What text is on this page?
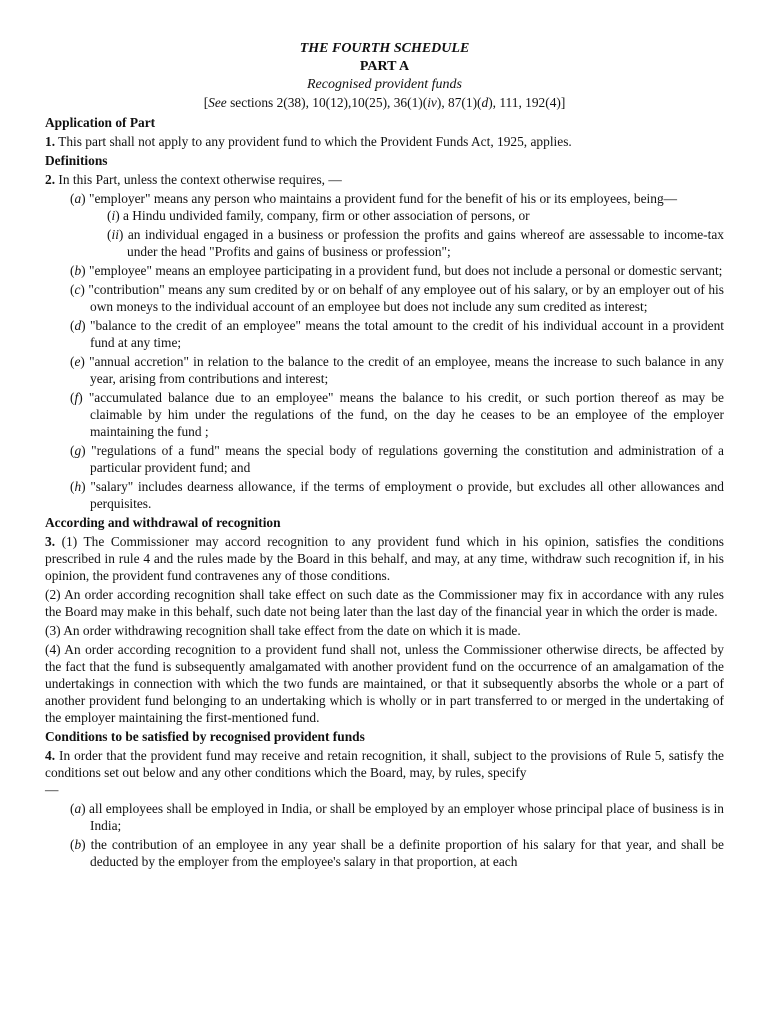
THE FOURTH SCHEDULE

PART A

Recognised provident funds

[See sections 2(38), 10(12),10(25), 36(1)(iv), 87(1)(d), 111, 192(4)]

Application of Part

1. This part shall not apply to any provident fund to which the Provident Funds Act, 1925, applies.

Definitions

2. In this Part, unless the context otherwise requires, —

(a) "employer" means any person who maintains a provident fund for the benefit of his or its employees, being—

(i) a Hindu undivided family, company, firm or other association of persons, or

(ii) an individual engaged in a business or profession the profits and gains whereof are assessable to income-tax under the head "Profits and gains of business or profession";

(b) "employee" means an employee participating in a provident fund, but does not include a personal or domestic servant;

(c) "contribution" means any sum credited by or on behalf of any employee out of his salary, or by an employer out of his own moneys to the individual account of an employee but does not include any sum credited as interest;

(d) "balance to the credit of an employee" means the total amount to the credit of his individual account in a provident fund at any time;

(e) "annual accretion" in relation to the balance to the credit of an employee, means the increase to such balance in any year, arising from contributions and interest;

(f) "accumulated balance due to an employee" means the balance to his credit, or such portion thereof as may be claimable by him under the regulations of the fund, on the day he ceases to be an employee of the employer maintaining the fund ;

(g) "regulations of a fund" means the special body of regulations governing the constitution and administration of a particular provident fund; and

(h) "salary" includes dearness allowance, if the terms of employment o provide, but excludes all other allowances and perquisites.

According and withdrawal of recognition

3. (1) The Commissioner may accord recognition to any provident fund which in his opinion, satisfies the conditions prescribed in rule 4 and the rules made by the Board in this behalf, and may, at any time, withdraw such recognition if, in his opinion, the provident fund contravenes any of those conditions.

(2) An order according recognition shall take effect on such date as the Commissioner may fix in accordance with any rules the Board may make in this behalf, such date not being later than the last day of the financial year in which the order is made.

(3) An order withdrawing recognition shall take effect from the date on which it is made.

(4) An order according recognition to a provident fund shall not, unless the Commissioner otherwise directs, be affected by the fact that the fund is subsequently amalgamated with another provident fund on the occurrence of an amalgamation of the undertakings in connection with which the two funds are maintained, or that it subsequently absorbs the whole or a part of another provident fund belonging to an undertaking which is wholly or in part transferred to or merged in the undertaking of the employer maintaining the first-mentioned fund.

Conditions to be satisfied by recognised provident funds

4. In order that the provident fund may receive and retain recognition, it shall, subject to the provisions of Rule 5, satisfy the conditions set out below and any other conditions which the Board, may, by rules, specify

—

(a) all employees shall be employed in India, or shall be employed by an employer whose principal place of business is in India;

(b) the contribution of an employee in any year shall be a definite proportion of his salary for that year, and shall be deducted by the employer from the employee's salary in that proportion, at each
